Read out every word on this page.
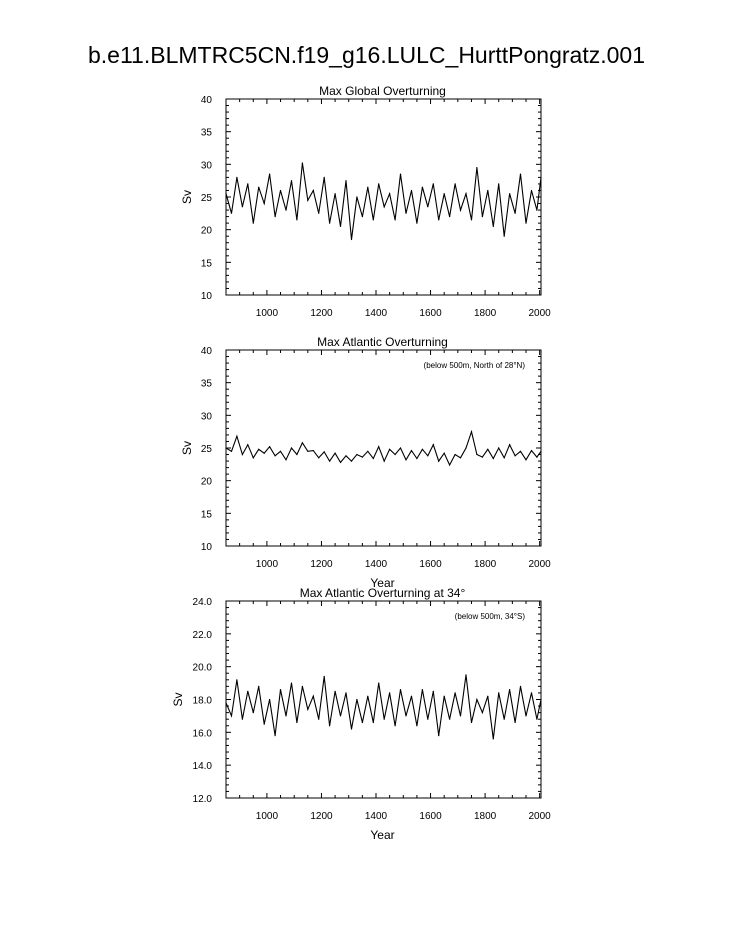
b.e11.BLMTRC5CN.f19_g16.LULC_HurttPongratz.001
1000	1200	1400	1600	1800	2000
10
15
20
25
30
35
40
Max Global Overturning
Sv
1000	1200	1400	1600	1800	2000
10
15
20
25
30
35
40
Max Atlantic Overturning
(below 500m, North of 28°N)
Sv
Year
1000	1200	1400	1600	1800	2000
12.0
14.0
16.0
18.0
20.0
22.0
24.0
Max Atlantic Overturning at 34°
(below 500m, 34°S)
Sv
Year
